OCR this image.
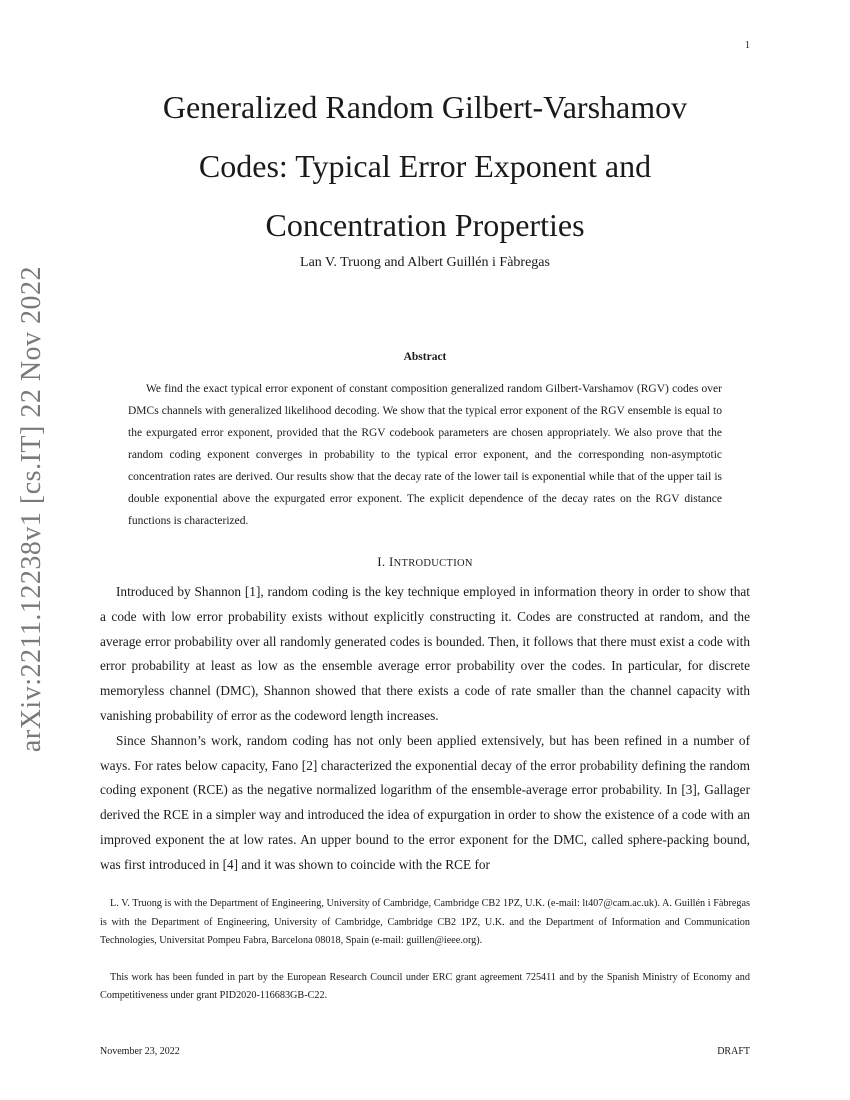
1
arXiv:2211.12238v1 [cs.IT] 22 Nov 2022
Generalized Random Gilbert-Varshamov
Codes: Typical Error Exponent and
Concentration Properties
Lan V. Truong and Albert Guillén i Fàbregas
Abstract

We find the exact typical error exponent of constant composition generalized random Gilbert-Varshamov (RGV) codes over DMCs channels with generalized likelihood decoding. We show that the typical error exponent of the RGV ensemble is equal to the expurgated error exponent, provided that the RGV codebook parameters are chosen appropriately. We also prove that the random coding exponent converges in probability to the typical error exponent, and the corresponding non-asymptotic concentration rates are derived. Our results show that the decay rate of the lower tail is exponential while that of the upper tail is double exponential above the expurgated error exponent. The explicit dependence of the decay rates on the RGV distance functions is characterized.

I. INTRODUCTION

Introduced by Shannon [1], random coding is the key technique employed in information theory in order to show that a code with low error probability exists without explicitly constructing it. Codes are constructed at random, and the average error probability over all randomly generated codes is bounded. Then, it follows that there must exist a code with error probability at least as low as the ensemble average error probability over the codes. In particular, for discrete memoryless channel (DMC), Shannon showed that there exists a code of rate smaller than the channel capacity with vanishing probability of error as the codeword length increases.

Since Shannon’s work, random coding has not only been applied extensively, but has been refined in a number of ways. For rates below capacity, Fano [2] characterized the exponential decay of the error probability defining the random coding exponent (RCE) as the negative normalized logarithm of the ensemble-average error probability. In [3], Gallager derived the RCE in a simpler way and introduced the idea of expurgation in order to show the existence of a code with an improved exponent the at low rates. An upper bound to the error exponent for the DMC, called sphere-packing bound, was first introduced in [4] and it was shown to coincide with the RCE for

L. V. Truong is with the Department of Engineering, University of Cambridge, Cambridge CB2 1PZ, U.K. (e-mail: lt407@cam.ac.uk). A. Guillén i Fàbregas is with the Department of Engineering, University of Cambridge, Cambridge CB2 1PZ, U.K. and the Department of Information and Communication Technologies, Universitat Pompeu Fabra, Barcelona 08018, Spain (e-mail: guillen@ieee.org).

This work has been funded in part by the European Research Council under ERC grant agreement 725411 and by the Spanish Ministry of Economy and Competitiveness under grant PID2020-116683GB-C22.

November 23, 2022	DRAFT
